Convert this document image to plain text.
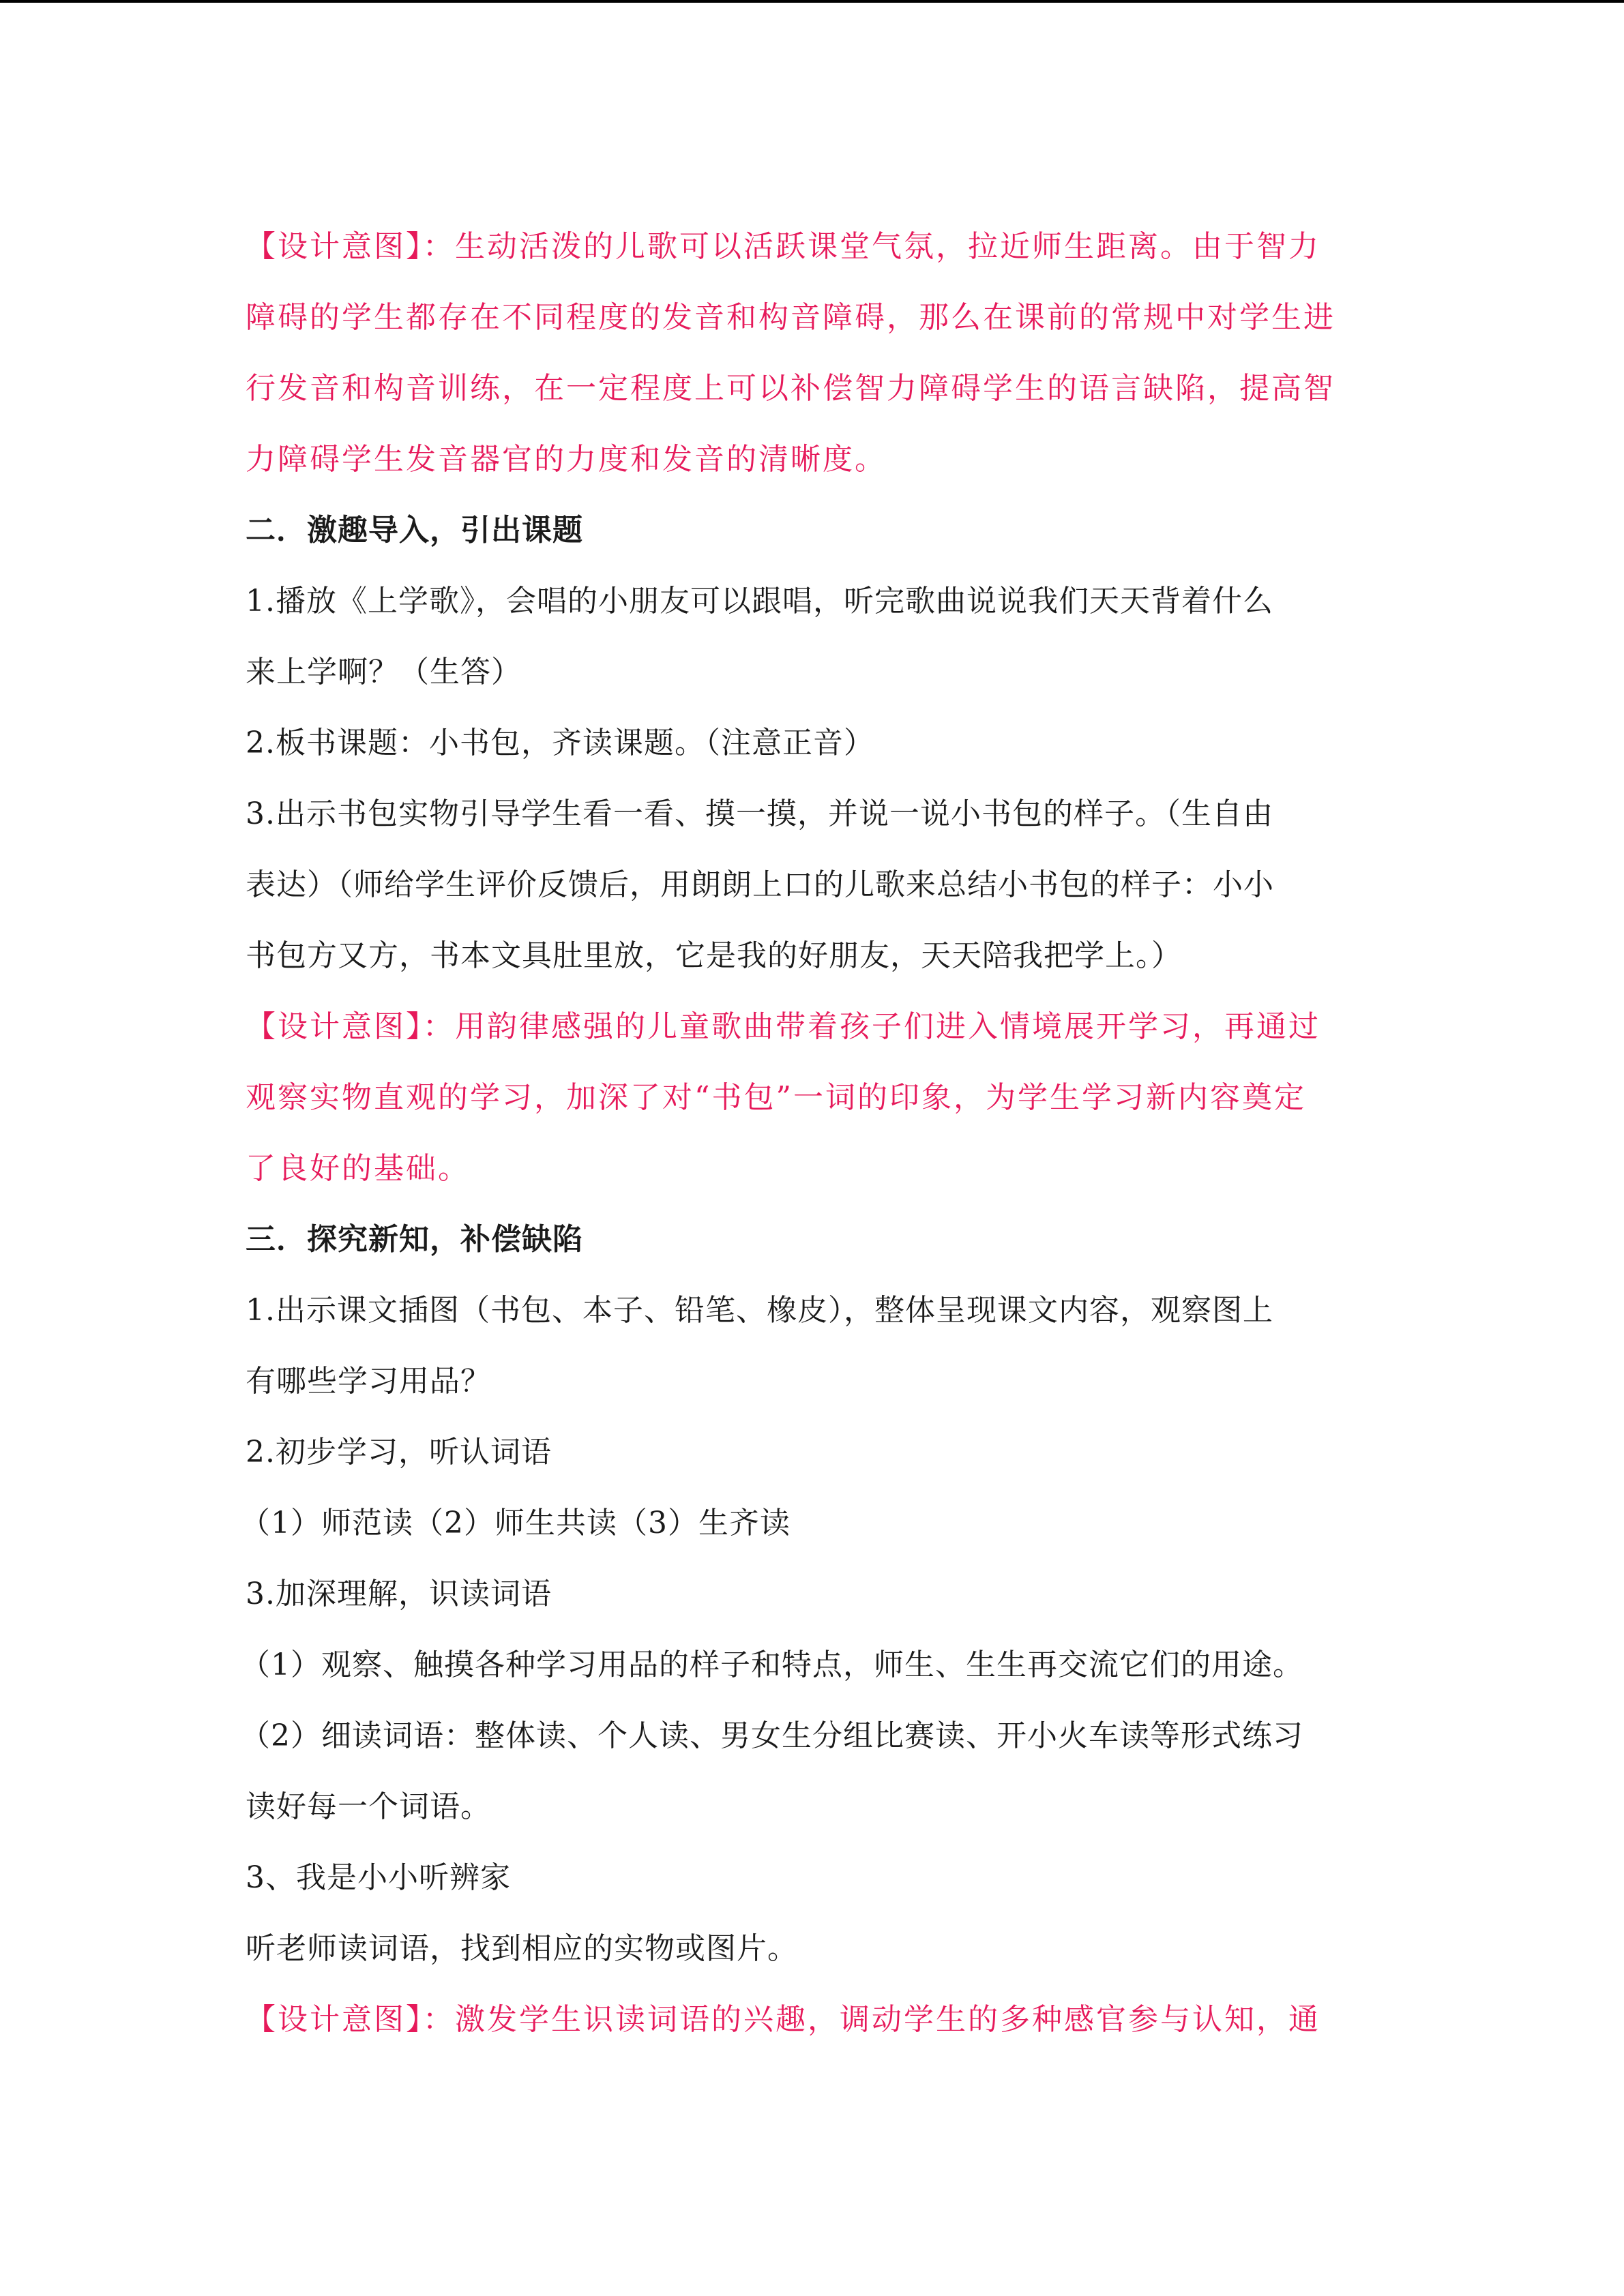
【设计意图】：生动活泼的儿歌可以活跃课堂气氛，拉近师生距离。由于智力
障碍的学生都存在不同程度的发音和构音障碍，那么在课前的常规中对学生进
行发音和构音训练，在一定程度上可以补偿智力障碍学生的语言缺陷，提高智
力障碍学生发音器官的力度和发音的清晰度。
二．激趣导入，引出课题
1.播放《上学歌》，会唱的小朋友可以跟唱，听完歌曲说说我们天天背着什么
来上学啊？（生答）
2.板书课题：小书包，齐读课题。（注意正音）
3.出示书包实物引导学生看一看、摸一摸，并说一说小书包的样子。（生自由
表达）（师给学生评价反馈后，用朗朗上口的儿歌来总结小书包的样子：小小
书包方又方，书本文具肚里放，它是我的好朋友，天天陪我把学上。）
【设计意图】：用韵律感强的儿童歌曲带着孩子们进入情境展开学习，再通过
观察实物直观的学习，加深了对“书包”一词的印象，为学生学习新内容奠定
了良好的基础。
三．探究新知，补偿缺陷
1.出示课文插图（书包、本子、铅笔、橡皮），整体呈现课文内容，观察图上
有哪些学习用品？
2.初步学习，听认词语
（1）师范读（2）师生共读（3）生齐读
3.加深理解，识读词语
（1）观察、触摸各种学习用品的样子和特点，师生、生生再交流它们的用途。
（2）细读词语：整体读、个人读、男女生分组比赛读、开小火车读等形式练习
读好每一个词语。
3、我是小小听辨家
听老师读词语，找到相应的实物或图片。
【设计意图】：激发学生识读词语的兴趣，调动学生的多种感官参与认知，通
